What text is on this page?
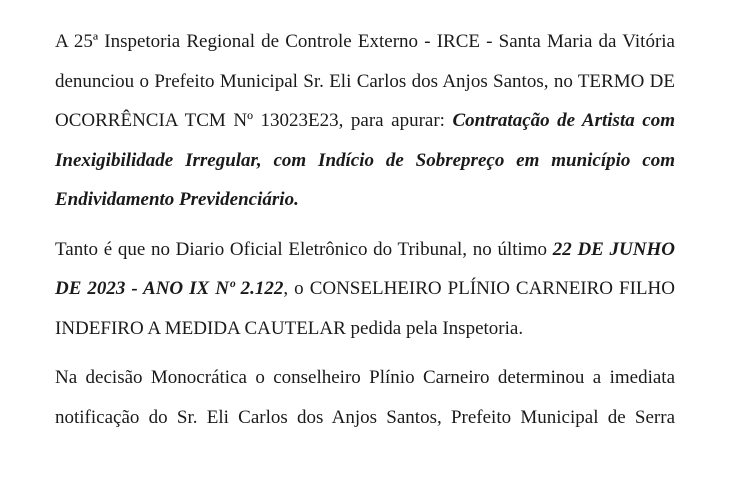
A 25ª Inspetoria Regional de Controle Externo - IRCE - Santa Maria da Vitória denunciou o Prefeito Municipal Sr. Eli Carlos dos Anjos Santos, no TERMO DE OCORRÊNCIA TCM Nº 13023E23, para apurar: Contratação de Artista com Inexigibilidade Irregular, com Indício de Sobrepreço em município com Endividamento Previdenciário.

Tanto é que no Diario Oficial Eletrônico do Tribunal, no último 22 DE JUNHO DE 2023 - ANO IX Nº 2.122, o CONSELHEIRO PLÍNIO CARNEIRO FILHO INDEFIRO A MEDIDA CAUTELAR pedida pela Inspetoria.

Na decisão Monocrática o conselheiro Plínio Carneiro determinou a imediata notificação do Sr. Eli Carlos dos Anjos Santos, Prefeito Municipal de Serra
